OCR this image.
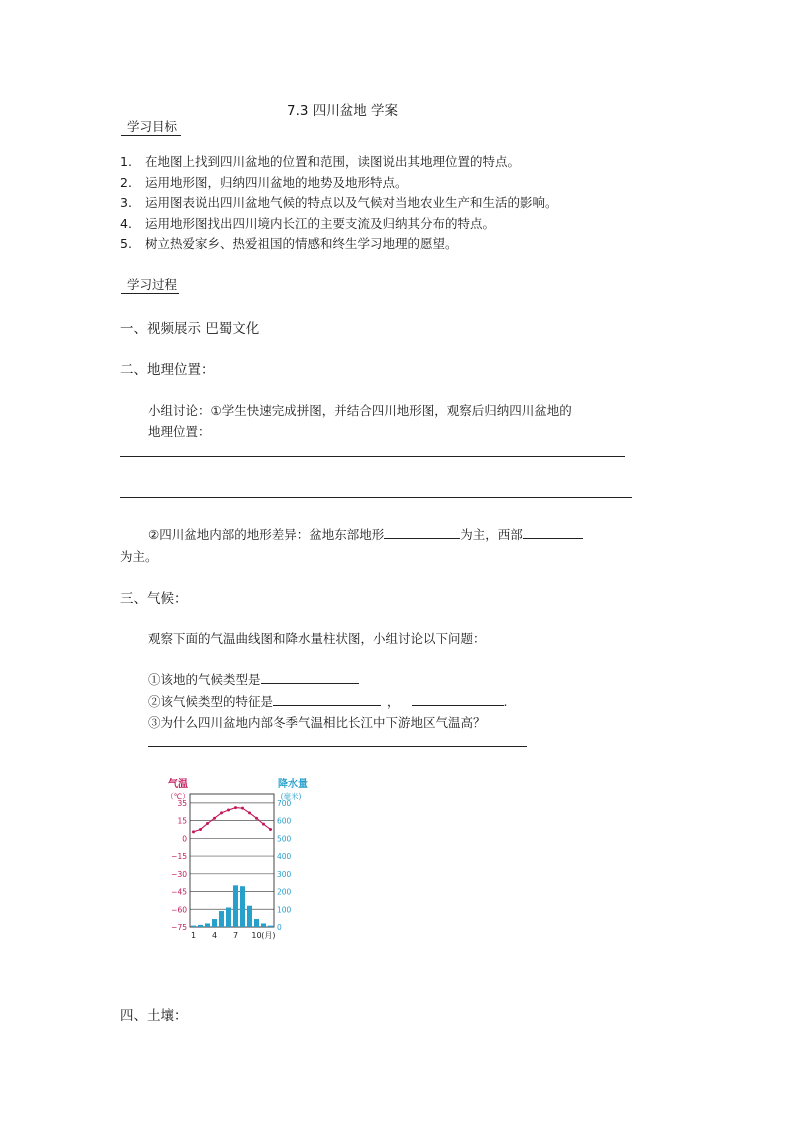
7.3 四川盆地 学案
学习目标
1. 在地图上找到四川盆地的位置和范围，读图说出其地理位置的特点。
2. 运用地形图，归纳四川盆地的地势及地形特点。
3. 运用图表说出四川盆地气候的特点以及气候对当地农业生产和生活的影响。
4. 运用地形图找出四川境内长江的主要支流及归纳其分布的特点。
5. 树立热爱家乡、热爱祖国的情感和终生学习地理的愿望。
学习过程
一、视频展示 巴蜀文化
二、地理位置：
小组讨论：①学生快速完成拼图，并结合四川地形图，观察后归纳四川盆地的
地理位置：
②四川盆地内部的地形差异：盆地东部地形	为主，西部
为主。
三、气候：
观察下面的气温曲线图和降水量柱状图，小组讨论以下问题：
①该地的气候类型是
②该气候类型的特征是	，	.
③为什么四川盆地内部冬季气温相比长江中下游地区气温高？
气温
（℃）
降水量
(毫米)
35
15
0
−15
−30
−45
−60
−75
700
600
500
400
300
200
100
0
1 4 7 10 (月)
四、土壤：
